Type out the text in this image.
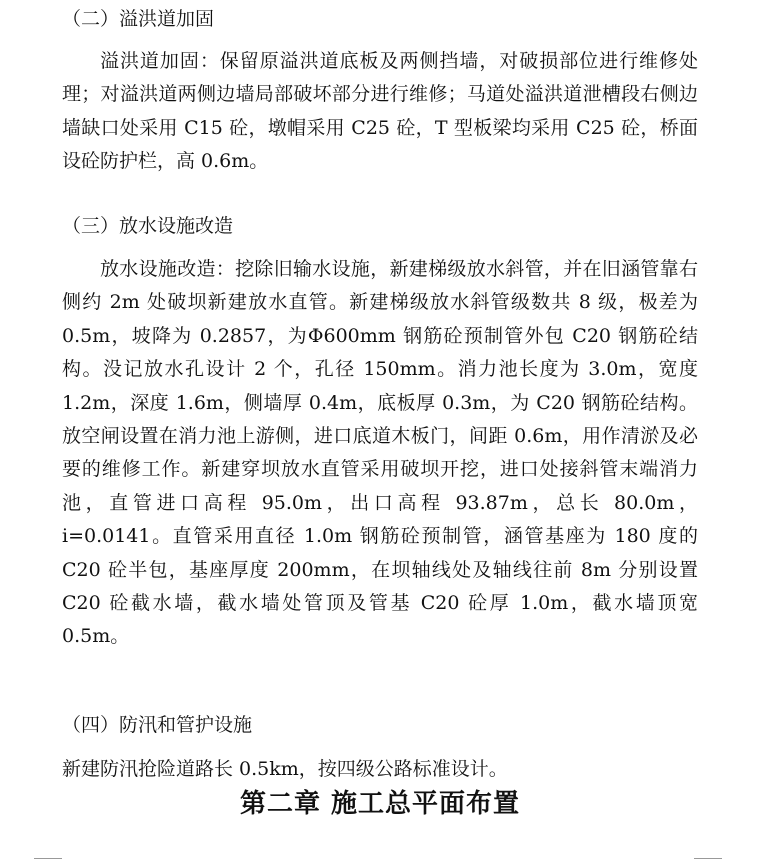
（二）溢洪道加固

溢洪道加固：保留原溢洪道底板及两侧挡墙，对破损部位进行维修处理；对溢洪道两侧边墙局部破坏部分进行维修；马道处溢洪道泄槽段右侧边墙缺口处采用 C15 砼，墩帽采用 C25 砼，T 型板梁均采用 C25 砼，桥面设砼防护栏，高 0.6m。

（三）放水设施改造

放水设施改造：挖除旧输水设施，新建梯级放水斜管，并在旧涵管靠右侧约 2m 处破坝新建放水直管。新建梯级放水斜管级数共 8 级，极差为 0.5m，坡降为 0.2857，为Φ600mm 钢筋砼预制管外包 C20 钢筋砼结构。没记放水孔设计 2 个，孔径 150mm。消力池长度为 3.0m，宽度 1.2m，深度 1.6m，侧墙厚 0.4m，底板厚 0.3m，为 C20 钢筋砼结构。放空闸设置在消力池上游侧，进口底道木板门，间距 0.6m，用作清淤及必要的维修工作。新建穿坝放水直管采用破坝开挖，进口处接斜管末端消力池，直管进口高程 95.0m，出口高程 93.87m，总长 80.0m，i=0.0141。直管采用直径 1.0m 钢筋砼预制管，涵管基座为 180 度的 C20 砼半包，基座厚度 200mm，在坝轴线处及轴线往前 8m 分别设置 C20 砼截水墙，截水墙处管顶及管基 C20 砼厚 1.0m，截水墙顶宽 0.5m。

（四）防汛和管护设施

新建防汛抢险道路长 0.5km，按四级公路标准设计。

第二章 施工总平面布置
